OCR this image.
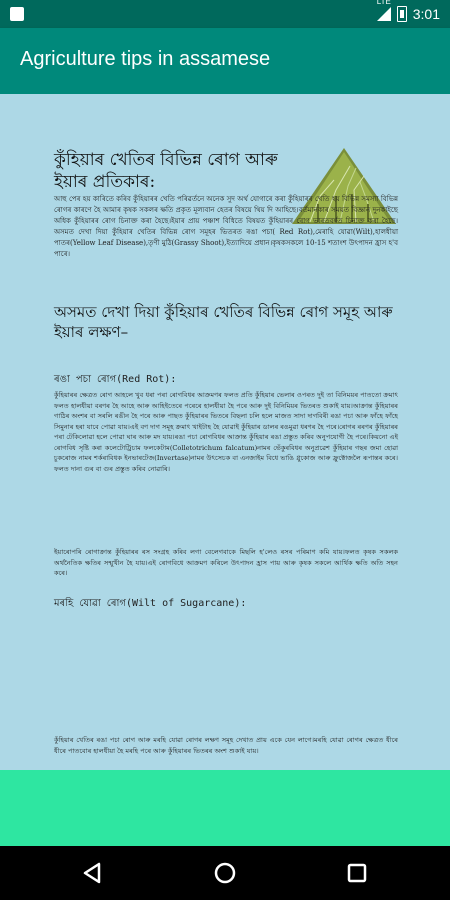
LTE
3:01
Agriculture tips in assamese
কুঁহিয়াৰ খেতিৰ বিভিন্ন ৰোগ আৰু ইয়াৰ প্ৰতিকাৰ:
আহু পেৰ হয় কাৰিতে কৰিব কুঁহিয়াৰৰ খেতি পৰিৱৰ্তনে অনেক সুদ অৰ্থ যোগাৰে কৰা কুঁহিয়াৰৰ খেতি হয় বিভিন্ন সমস্যা বিভিন্ন ৰোগৰ কাৰণে হৈ আমাৰ কৃষক সকলৰ ক্ষতি প্ৰকৃত মূল্যবান হেতৰ বিষয়ে থিয় দি আহিছে।বৰ্তমানকাৰ সময়ত বিজ্ঞান দুনকাইছে অধিক কুঁহিয়াৰৰ ৰোগ চিনাক্ত কৰা হৈছে।ইয়াৰ প্ৰায় পঞ্চাশ বিধিতে বিষয়ত কুঁহিয়াৰৰ ৰোগ ভাৰতবৰ্ষত চিনাক্ত কৰা হৈছে।অসমত দেখা দিয়া কুঁহিয়াৰ খেতিৰ বিভিন্ন ৰোগ সমূহৰ ভিতৰত ৰঙা পচা( Red Rot),মেৰাহি যোৱা(Wilt),হালধীয়া পাতৰ(Yellow Leaf Disease),তৃণী মুঠি(Grassy Shoot),ইত্যাদিয়ে প্ৰধান।কৃষকসকলে 10-15 শতাংশ উৎপাদন হ্ৰাস হ'ব পাৰে।
অসমত দেখা দিয়া কুঁহিয়াৰ খেতিৰ বিভিন্ন ৰোগ সমূহ আৰু ইয়াৰ লক্ষণ–
ৰঙা পচা ৰোগ(Red Rot):
কুঁহিয়াৰৰ ক্ষেত্ৰত ৰোগ আহলে খুব ধৰা পৰা ৰোগবিধৰ আক্ৰমণৰ ফলত প্ৰতি কুঁহিয়াৰ ভেলাৰ ওপৰত দুই তা বিনিময়ৰ পাততো ক্ৰমাৎ ফলত হালধীয়া বৰণৰ হৈ আহে আৰু আহিইতেৰে পৰেৰে হালধীয়া হৈ পৰে আৰু দুই বিনিমিয়ৰ ভিতৰত শুকাই যায়।আক্ৰান্ত কুঁহিয়াৰৰ গাঠিৰ অংশৰ বা সৰলি ৰঙীন হৈ পৰে আৰু পাছত কুঁহিয়াৰৰ ভিতৰে বিছলা চলি হলে মাজত সাদা দাগবিৰী ৰঙা পচা আৰু ফাঁহে ফাঁহে সিমুনাৰ হৰা যাবে পোৱা যায়।এই বণ দাগ সমূহ ক্ৰমাৎ খাইটাহ হৈ যোৱাই কুঁহিয়াৰ ডালৰ ৰঙমুৱা ধৰণৰ হৈ পৰে।ৰোগৰ ৰৰণৰ কুঁহিয়াৰৰ পৰা টেকিলোৱা হলে পোৱা ঘাৰ আৰু মদ যায়।ৰঙা পচা ৰোগবিধৰ আক্ৰান্ত কুঁহিয়াৰ ৰঙা প্ৰস্তুত কৰিব অনুপযোগী হৈ পৰে।কিয়নো এই ৰোগবিধ সৃষ্টি কৰা কলেটোট্ৰিচাম ফলকেটাম(Colletotrichum falcatum)নামৰ ভেঁকুৰবিধৰ অনুপ্ৰৱেশ কুঁহিয়াৰ গছৰ জমা হোৱা চুকৰোজ নামৰ শৰ্কৰাবিধক ইনভাৰটেজ(Invertase)নামৰ উৎসেচক বা এনজাইম বিধে ভাঙি গ্লুকোজ আৰু ফ্ৰুক্টোজলৈ ৰূপান্তৰ কৰে।ফলত দানা গুৰ বা গুৰ প্ৰস্তুত কৰিব নোৱাৰি।
ইয়াৰোপৰি ৰোগাক্ৰান্ত কুঁহিয়াৰৰ ৰস সংগ্ৰহ কৰিব লগা বেলেগবাকে মিছলি হ'লেও ৰসৰ পৰিমাণ কমি যায়।ফলত কৃষক সকলক অৰ্থনৈতিক ক্ষতিৰ সন্মুখীন হৈ যায়।এই ৰোগবিধে আক্ৰমণ কৰিলে উৎপাদন হ্ৰাস পায় আৰু কৃষক সকলে আৰ্থিক ক্ষতি অতি সহন কৰে।
মৰহি যোৱা ৰোগ(Wilt of Sugarcane):
কুঁহিয়াৰ খেতিৰ ৰঙা পচা ৰোগ আৰু মৰহি যোৱা ৰোগৰ লক্ষণ সমূহ দেখাত প্ৰায় একে যেন লাগে।মৰহি যোৱা ৰোগৰ ক্ষেত্ৰত ধীৰে ধীৰে পাতবোৰ হালধীয়া হৈ মৰহি পৰে আৰু কুঁহিয়াৰৰ ভিতৰৰ অংশ শুকাই যায়।
